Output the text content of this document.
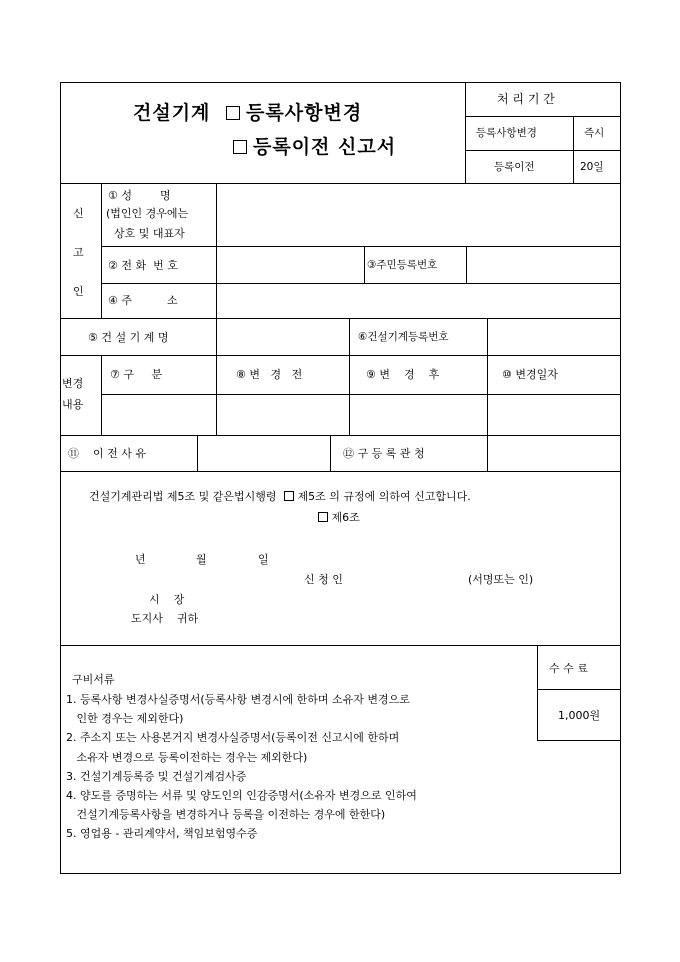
건설기계 등록사항변경
등록이전 신고서
처 리 기 간
등록사항변경	즉시
등록이전	20일
신
고
인
① 성        명
(법인인 경우에는
상호 및 대표자
② 전 화  번 호	③주민등록번호
④ 주          소
⑤ 건 설 기 계 명	⑥건설기계등록번호
변경
내용
⑦ 구     분	⑧ 변   경   전	⑨ 변    경    후	⑩ 변경일자
⑪    이 전 사 유	⑫ 구 등 록 관 청
건설기계관리법 제5조 및 같은법시행령 제5조 의 규정에 의하여 신고합니다.
제6조
년	월	일
신 청 인	(서명또는 인)
시    장
도지사    귀하
구비서류
1. 등록사항 변경사실증명서(등록사항 변경시에 한하며 소유자 변경으로
인한 경우는 제외한다)
2. 주소지 또는 사용본거지 변경사실증명서(등록이전 신고시에 한하며
소유자 변경으로 등록이전하는 경우는 제외한다)
3. 건설기계등록증 및 건설기계검사증
4. 양도를 증명하는 서류 및 양도인의 인감증명서(소유자 변경으로 인하여
건설기계등록사항을 변경하거나 등록을 이전하는 경우에 한한다)
5. 영업용 - 관리계약서, 책임보험영수증
수 수 료
1,000원
